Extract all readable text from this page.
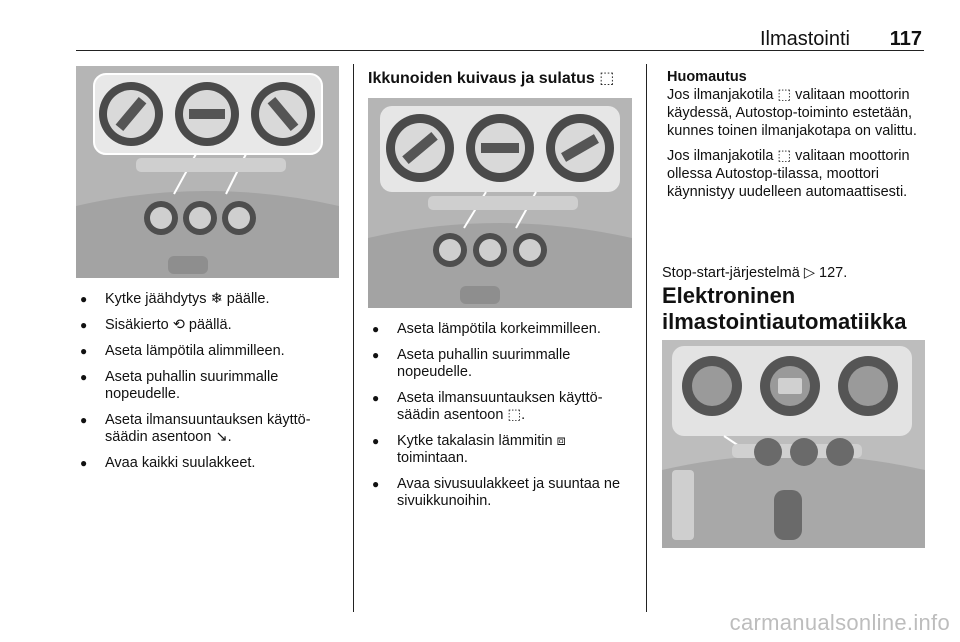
Ilmastointi 117
● Kytke jäähdytys ❄ päälle.
● Sisäkierto ⟲ päällä.
● Aseta lämpötila alimmilleen.
● Aseta puhallin suurimmalle nopeudelle.
● Aseta ilmansuuntauksen käyttösäädin asentoon ↘.
● Avaa kaikki suulakkeet.
Ikkunoiden kuivaus ja sulatus ⬚
● Aseta lämpötila korkeimmilleen.
● Aseta puhallin suurimmalle nopeudelle.
● Aseta ilmansuuntauksen käyttösäädin asentoon ⬚.
● Kytke takalasin lämmitin ⧈ toimintaan.
● Avaa sivusuulakkeet ja suuntaa ne sivuikkunoihin.
Huomautus
Jos ilmanjakotila ⬚ valitaan moottorin käydessä, Autostop-toiminto estetään, kunnes toinen ilmanjakotapa on valittu.
Jos ilmanjakotila ⬚ valitaan moottorin ollessa Autostop-tilassa, moottori käynnistyy uudelleen automaattisesti.
Stop-start-järjestelmä ▷ 127.
Elektroninen
ilmastointiautomatiikka
carmanualsonline.info
